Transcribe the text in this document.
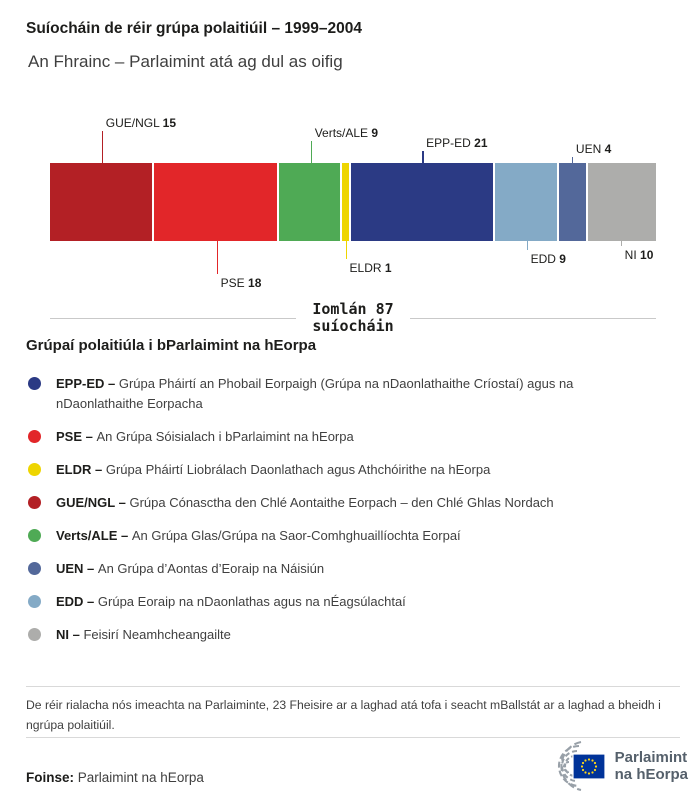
Suíocháin de réir grúpa polaitiúil – 1999–2004
An Fhrainc – Parlaimint atá ag dul as oifig
Iomlán 87
suíocháin
GUE/NGL 15
PSE 18
Verts/ALE 9
ELDR 1
EPP-ED 21
EDD 9
UEN 4
NI 10
Grúpaí polaitiúla i bParlaimint na hEorpa
EPP-ED – Grúpa Pháirtí an Phobail Eorpaigh (Grúpa na nDaonlathaithe Críostaí) agus na nDaonlathaithe Eorpacha
PSE – An Grúpa Sóisialach i bParlaimint na hEorpa
ELDR – Grúpa Pháirtí Liobrálach Daonlathach agus Athchóirithe na hEorpa
GUE/NGL – Grúpa Cónasctha den Chlé Aontaithe Eorpach – den Chlé Ghlas Nordach
Verts/ALE – An Grúpa Glas/Grúpa na Saor-Comhghuaillíochta Eorpaí
UEN – An Grúpa d’Aontas d’Eoraip na Náisiún
EDD – Grúpa Eoraip na nDaonlathas agus na nÉagsúlachtaí
NI – Feisirí Neamhcheangailte
De réir rialacha nós imeachta na Parlaiminte, 23 Fheisire ar a laghad atá tofa i seacht mBallstát ar a laghad a bheidh i ngrúpa polaitiúil.
Foinse: Parlaimint na hEorpa
Parlaimint
na hEorpa
